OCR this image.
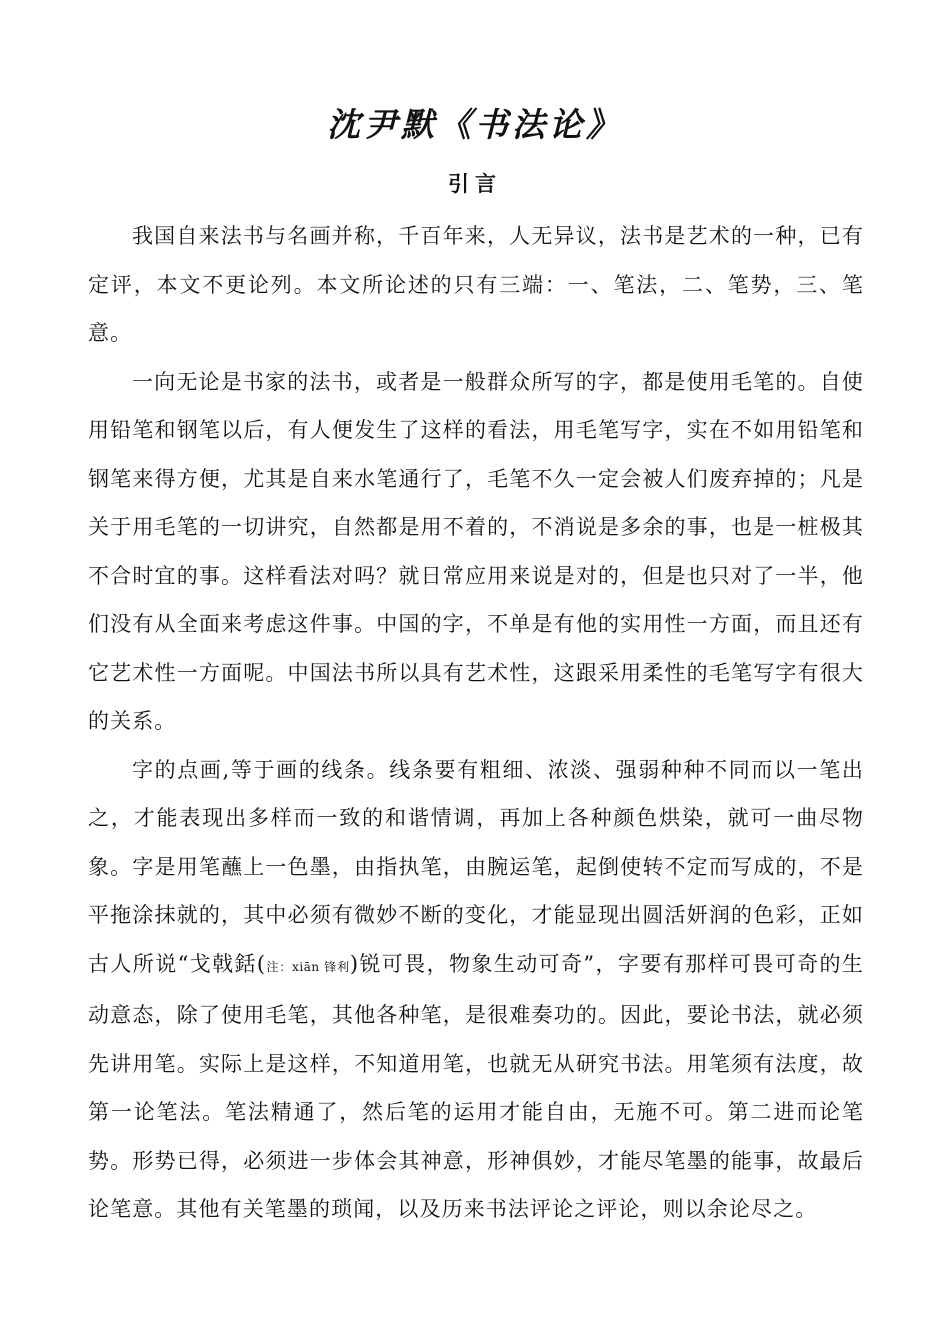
沈尹默《书法论》
引言

我国自来法书与名画并称，千百年来，人无异议，法书是艺术的一种，已有定评，本文不更论列。本文所论述的只有三端：一、笔法，二、笔势，三、笔意。

一向无论是书家的法书，或者是一般群众所写的字，都是使用毛笔的。自使用铅笔和钢笔以后，有人便发生了这样的看法，用毛笔写字，实在不如用铅笔和钢笔来得方便，尤其是自来水笔通行了，毛笔不久一定会被人们废弃掉的；凡是关于用毛笔的一切讲究，自然都是用不着的，不消说是多余的事，也是一桩极其不合时宜的事。这样看法对吗？就日常应用来说是对的，但是也只对了一半，他们没有从全面来考虑这件事。中国的字，不单是有他的实用性一方面，而且还有它艺术性一方面呢。中国法书所以具有艺术性，这跟采用柔性的毛笔写字有很大的关系。

字的点画,等于画的线条。线条要有粗细、浓淡、强弱种种不同而以一笔出之，才能表现出多样而一致的和谐情调，再加上各种颜色烘染，就可一曲尽物象。字是用笔蘸上一色墨，由指执笔，由腕运笔，起倒使转不定而写成的，不是平拖涂抹就的，其中必须有微妙不断的变化，才能显现出圆活妍润的色彩，正如古人所说“戈戟銛(注：xiān 锋利)锐可畏，物象生动可奇”，字要有那样可畏可奇的生动意态，除了使用毛笔，其他各种笔，是很难奏功的。因此，要论书法，就必须先讲用笔。实际上是这样，不知道用笔，也就无从研究书法。用笔须有法度，故第一论笔法。笔法精通了，然后笔的运用才能自由，无施不可。第二进而论笔势。形势已得，必须进一步体会其神意，形神俱妙，才能尽笔墨的能事，故最后论笔意。其他有关笔墨的琐闻，以及历来书法评论之评论，则以余论尽之。
